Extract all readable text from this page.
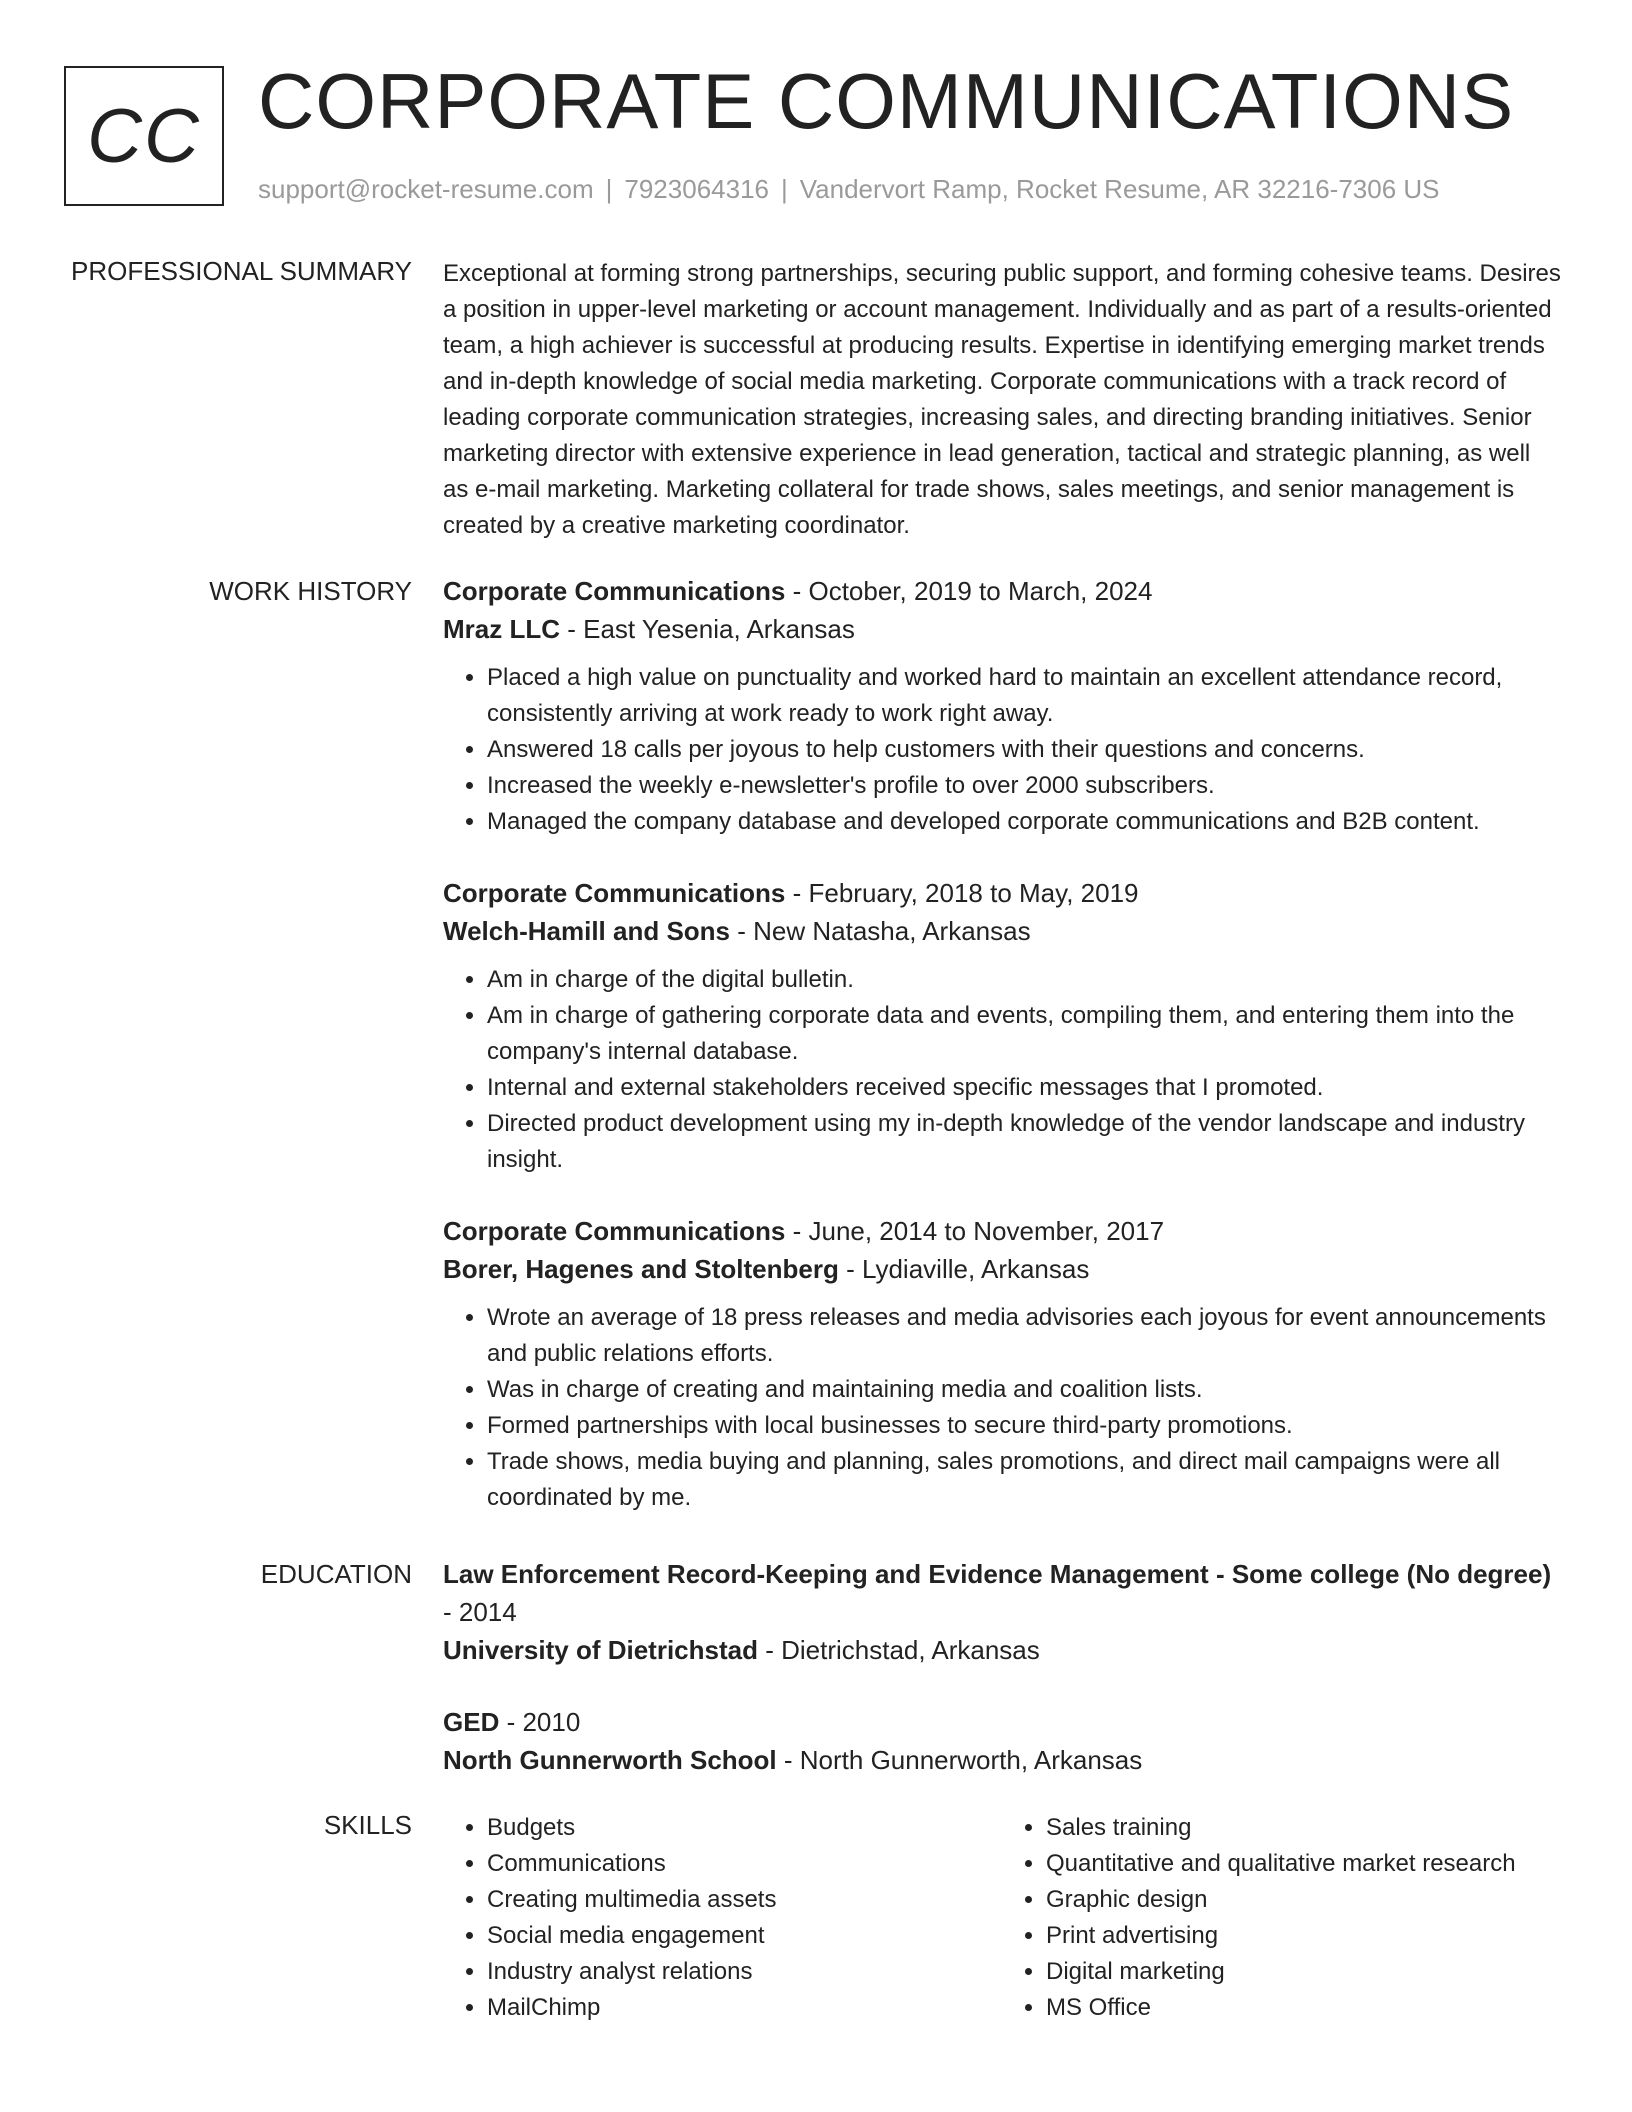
CC CORPORATE COMMUNICATIONS
support@rocket-resume.com | 7923064316 | Vandervort Ramp, Rocket Resume, AR 32216-7306 US
PROFESSIONAL SUMMARY Exceptional at forming strong partnerships, securing public support, and forming cohesive teams. Desires a position in upper-level marketing or account management. Individually and as part of a results-oriented team, a high achiever is successful at producing results. Expertise in identifying emerging market trends and in-depth knowledge of social media marketing. Corporate communications with a track record of leading corporate communication strategies, increasing sales, and directing branding initiatives. Senior marketing director with extensive experience in lead generation, tactical and strategic planning, as well as e-mail marketing. Marketing collateral for trade shows, sales meetings, and senior management is created by a creative marketing coordinator.

WORK HISTORY Corporate Communications - October, 2019 to March, 2024
Mraz LLC - East Yesenia, Arkansas
• Placed a high value on punctuality and worked hard to maintain an excellent attendance record, consistently arriving at work ready to work right away.
• Answered 18 calls per joyous to help customers with their questions and concerns.
• Increased the weekly e-newsletter's profile to over 2000 subscribers.
• Managed the company database and developed corporate communications and B2B content.
Corporate Communications - February, 2018 to May, 2019
Welch-Hamill and Sons - New Natasha, Arkansas
• Am in charge of the digital bulletin.
• Am in charge of gathering corporate data and events, compiling them, and entering them into the company's internal database.
• Internal and external stakeholders received specific messages that I promoted.
• Directed product development using my in-depth knowledge of the vendor landscape and industry insight.
Corporate Communications - June, 2014 to November, 2017
Borer, Hagenes and Stoltenberg - Lydiaville, Arkansas
• Wrote an average of 18 press releases and media advisories each joyous for event announcements and public relations efforts.
• Was in charge of creating and maintaining media and coalition lists.
• Formed partnerships with local businesses to secure third-party promotions.
• Trade shows, media buying and planning, sales promotions, and direct mail campaigns were all coordinated by me.
EDUCATION Law Enforcement Record-Keeping and Evidence Management - Some college (No degree) - 2014
University of Dietrichstad - Dietrichstad, Arkansas
GED - 2010
North Gunnerworth School - North Gunnerworth, Arkansas
SKILLS
•	Budgets
• Communications
• Creating multimedia assets
• Social media engagement
• Industry analyst relations
• MailChimp
• Sales training
• Quantitative and qualitative market research
• Graphic design
• Print advertising
• Digital marketing
• MS Office
